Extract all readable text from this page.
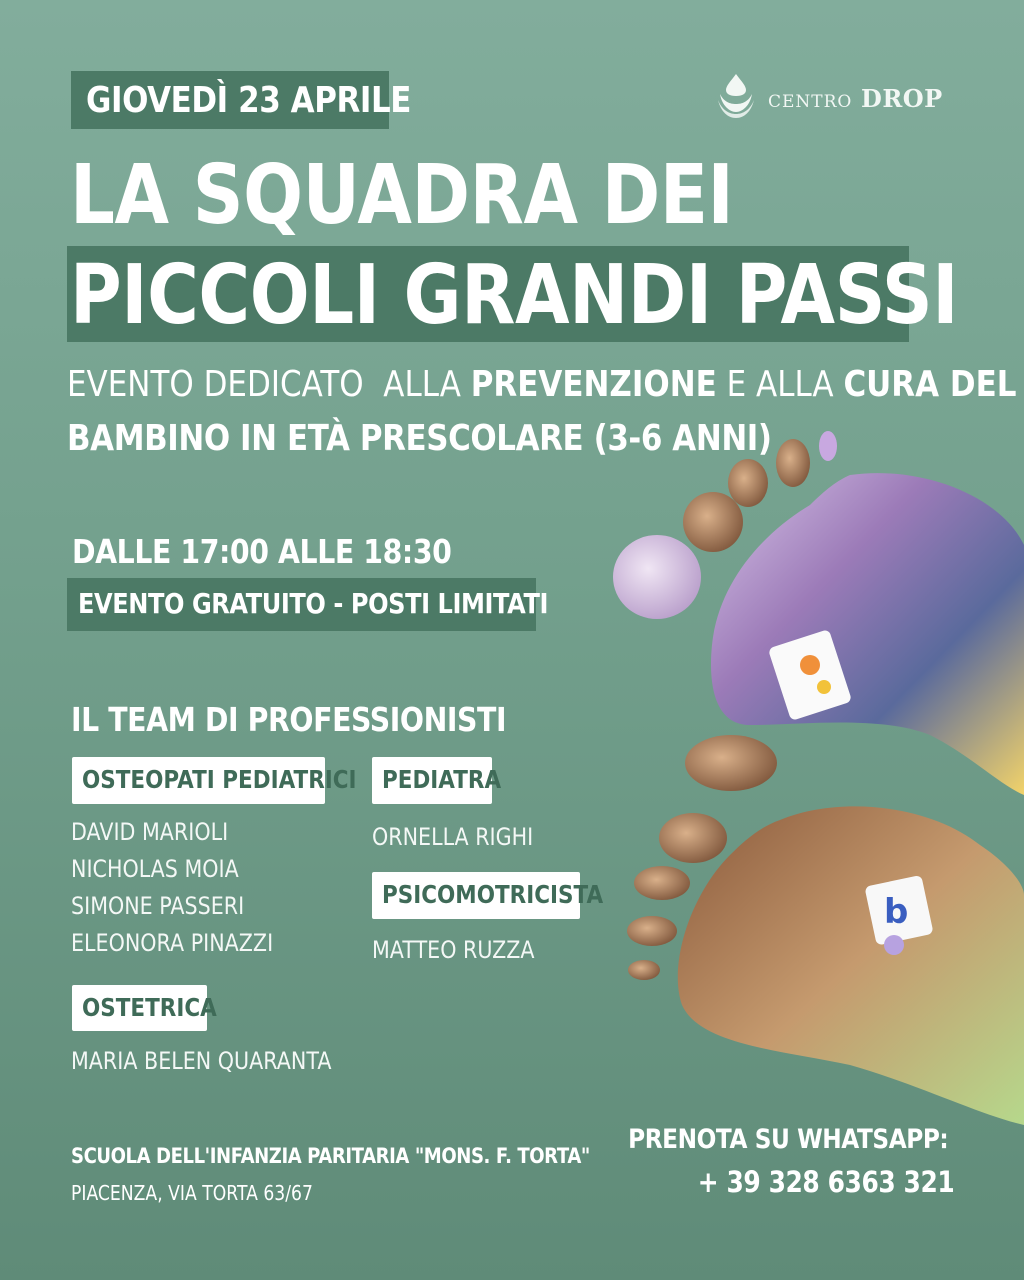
GIOVEDÌ 23 APRILE	centro DROP
LA SQUADRA DEI
PICCOLI GRANDI PASSI
EVENTO DEDICATO  ALLA PREVENZIONE E ALLA CURA DEL
BAMBINO IN ETÀ PRESCOLARE (3-6 ANNI)
DALLE 17:00 ALLE 18:30
EVENTO GRATUITO - POSTI LIMITATI
IL TEAM DI PROFESSIONISTI
OSTEOPATI PEDIATRICI
DAVID MARIOLI
NICHOLAS MOIA
SIMONE PASSERI
ELEONORA PINAZZI
OSTETRICA
MARIA BELEN QUARANTA
PEDIATRA
ORNELLA RIGHI
PSICOMOTRICISTA
MATTEO RUZZA
b
SCUOLA DELL'INFANZIA PARITARIA "MONS. F. TORTA"
PIACENZA, VIA TORTA 63/67
PRENOTA SU WHATSAPP:
+ 39 328 6363 321
